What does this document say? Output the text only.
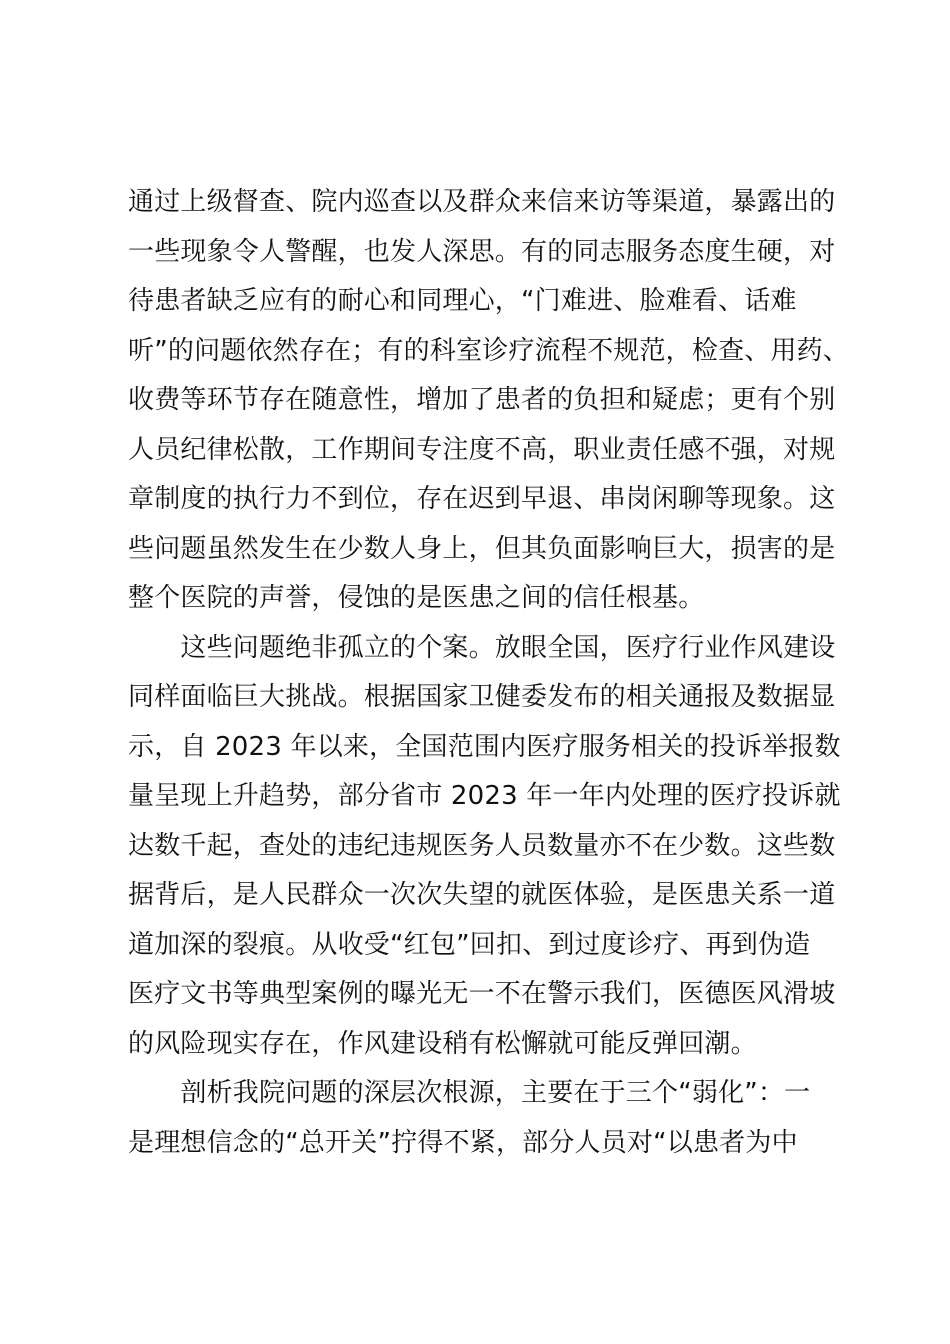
通过上级督查、院内巡查以及群众来信来访等渠道，暴露出的
一些现象令人警醒，也发人深思。有的同志服务态度生硬，对
待患者缺乏应有的耐心和同理心，“门难进、脸难看、话难
听”的问题依然存在；有的科室诊疗流程不规范，检查、用药、
收费等环节存在随意性，增加了患者的负担和疑虑；更有个别
人员纪律松散，工作期间专注度不高，职业责任感不强，对规
章制度的执行力不到位，存在迟到早退、串岗闲聊等现象。这
些问题虽然发生在少数人身上，但其负面影响巨大，损害的是
整个医院的声誉，侵蚀的是医患之间的信任根基。
　　这些问题绝非孤立的个案。放眼全国，医疗行业作风建设
同样面临巨大挑战。根据国家卫健委发布的相关通报及数据显
示，自 2023 年以来，全国范围内医疗服务相关的投诉举报数
量呈现上升趋势，部分省市 2023 年一年内处理的医疗投诉就
达数千起，查处的违纪违规医务人员数量亦不在少数。这些数
据背后，是人民群众一次次失望的就医体验，是医患关系一道
道加深的裂痕。从收受“红包”回扣、到过度诊疗、再到伪造
医疗文书等典型案例的曝光无一不在警示我们，医德医风滑坡
的风险现实存在，作风建设稍有松懈就可能反弹回潮。
　　剖析我院问题的深层次根源，主要在于三个“弱化”：一
是理想信念的“总开关”拧得不紧，部分人员对“以患者为中
